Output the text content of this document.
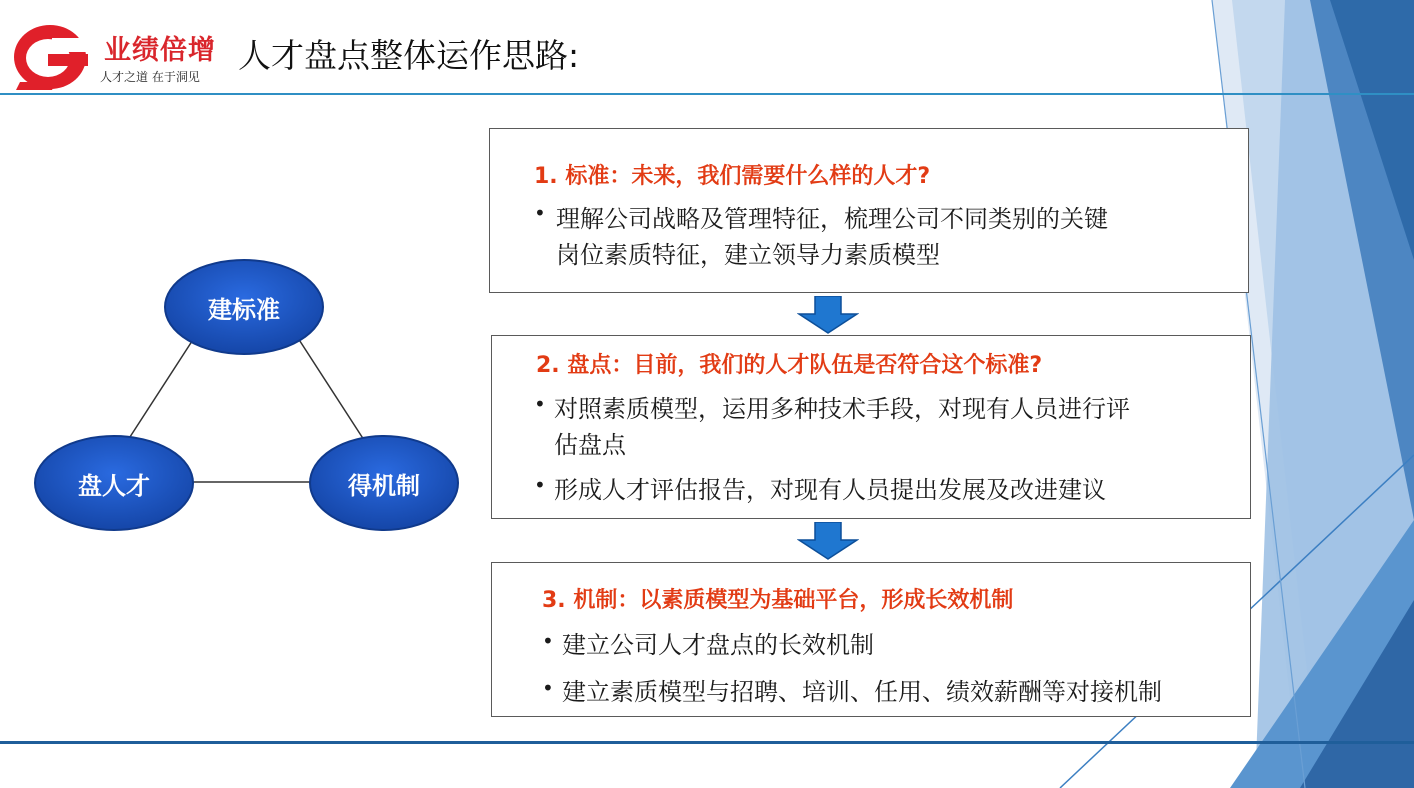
业绩倍增
人才之道 在于洞见
人才盘点整体运作思路:
建标准
盘人才	得机制
1. 标准：未来，我们需要什么样的人才?
• 理解公司战略及管理特征，梳理公司不同类别的关键
岗位素质特征，建立领导力素质模型
2. 盘点：目前，我们的人才队伍是否符合这个标准?
• 对照素质模型，运用多种技术手段，对现有人员进行评
估盘点
• 形成人才评估报告，对现有人员提出发展及改进建议
3. 机制：以素质模型为基础平台，形成长效机制
• 建立公司人才盘点的长效机制
• 建立素质模型与招聘、培训、任用、绩效薪酬等对接机制
